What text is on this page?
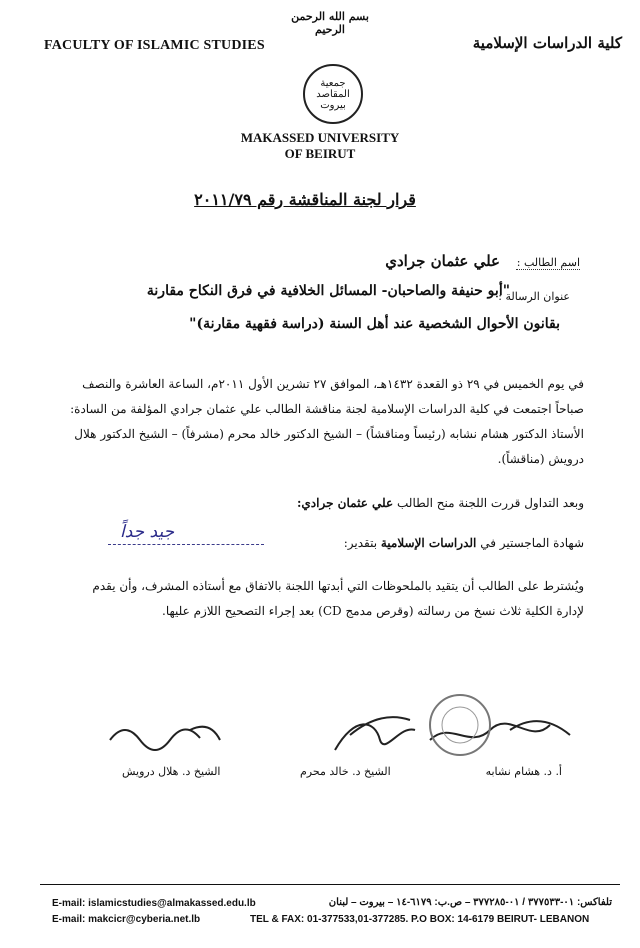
FACULTY OF ISLAMIC STUDIES
بسم الله الرحمن الرحيم
كلية الدراسات الإسلامية
جمعية المقاصد بيروت
MAKASSED UNIVERSITY
OF BEIRUT
قرار لجنة المناقشة رقم ٢٠١١/٧٩
اسم الطالب :
علي عثمان جرادي
عنوان الرسالة :
"أبو حنيفة والصاحبان- المسائل الخلافية في فرق النكاح مقارنة
بقانون الأحوال الشخصية عند أهل السنة (دراسة فقهية مقارنة)"
في يوم الخميس في ٢٩ ذو القعدة ١٤٣٢هـ، الموافق ٢٧ تشرين الأول ٢٠١١م، الساعة العاشرة والنصف صباحاً اجتمعت في كلية الدراسات الإسلامية لجنة مناقشة الطالب علي عثمان جرادي المؤلفة من السادة: الأستاذ الدكتور هشام نشابه (رئيساً ومناقشاً) – الشيخ الدكتور خالد محرم (مشرفاً) – الشيخ الدكتور هلال درويش (مناقشاً).
وبعد التداول قررت اللجنة منح الطالب علي عثمان جرادي:
شهادة الماجستير في الدراسات الإسلامية بتقدير:
جيد جداً
ويُشترط على الطالب أن يتقيد بالملحوظات التي أبدتها اللجنة بالاتفاق مع أستاذه المشرف، وأن يقدم لإدارة الكلية ثلاث نسخ من رسالته (وقرص مدمج CD) بعد إجراء التصحيح اللازم عليها.
أ. د. هشام نشابه
الشيخ د. خالد محرم
الشيخ د. هلال درويش
E-mail: islamicstudies@almakassed.edu.lb	تلفاكس: ٠١-٣٧٧٥٣٣ / ٠١-٣٧٧٢٨٥ – ص.ب: ٦١٧٩-١٤ – بيروت – لبنان
E-mail: makcicr@cyberia.net.lb	TEL & FAX: 01-377533,01-377285. P.O BOX: 14-6179 BEIRUT- LEBANON
